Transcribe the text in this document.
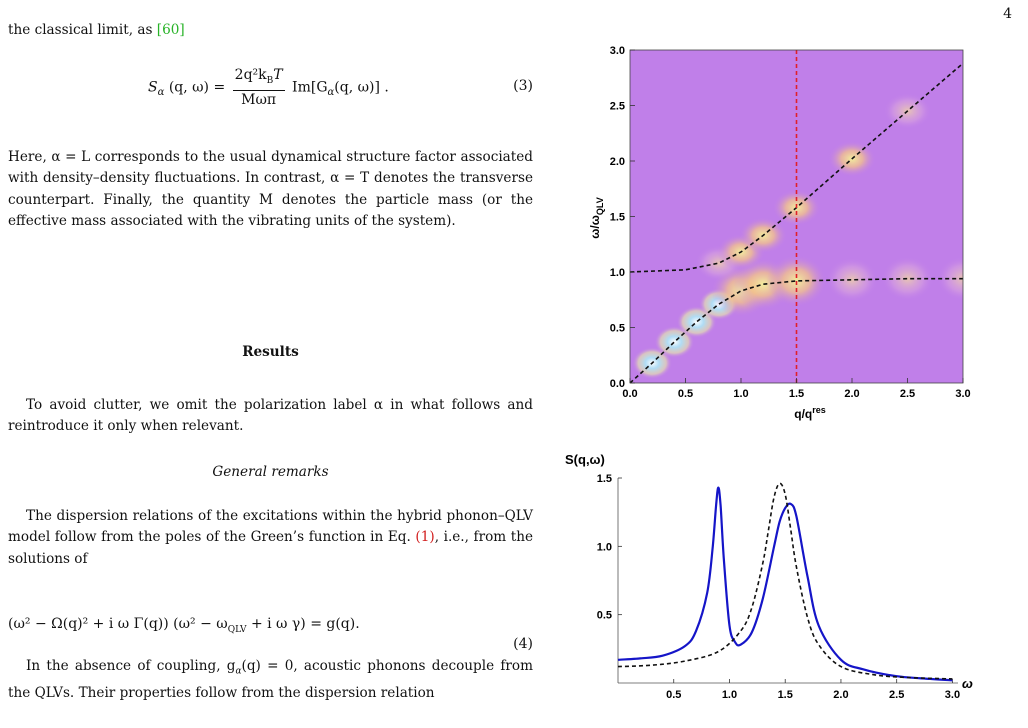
4
the classical limit, as [60]
$S_\alpha$ (q, $\omega) = \frac{2q^2k_BT}{\text{Mωπ}} Im[G_\alpha(q$, ω)] .	(3)

Here, α = L corresponds to the usual dynamical structure factor associated with density–density fluctuations. In contrast, α = T denotes the transverse counterpart. Finally, the quantity M denotes the particle mass (or the effective mass associated with the vibrating units of the system).

Results

To avoid clutter, we omit the polarization label α in what follows and reintroduce it only when relevant.

General remarks

The dispersion relations of the excitations within the hybrid phonon–QLV model follow from the poles of the Green’s function in Eq. (1), i.e., from the solutions of

(ω² − Ω(q)² + i ω Γ(q)) ($\omega^2 - \omega_{QLV} + i$ ω γ) = g(q).
(4)

In the absence of coupling, $g_\alpha(q) = 0$, acoustic phonons decouple from the QLVs. Their properties follow from the dispersion relation

0.0	0.5	1.0	1.5	2.0	2.5	3.0
0.0
0.5
1.0
1.5
2.0
2.5
3.0
$q/q^{res}$
$\omega/\omega_{QLV}$
S(q,ω)
0.5	1.0	1.5	2.0	2.5	3.0
0.5
1.0
1.5
ω
